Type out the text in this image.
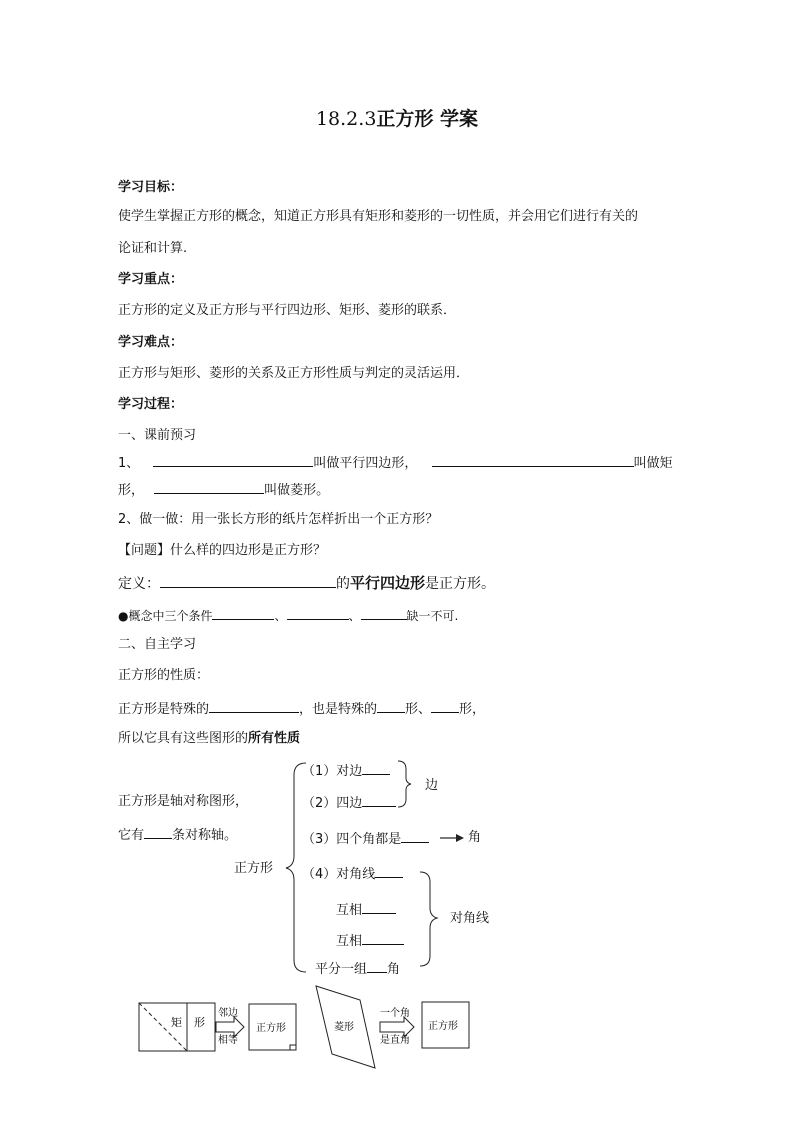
18.2.3正方形 学案
学习目标：
使学生掌握正方形的概念，知道正方形具有矩形和菱形的一切性质，并会用它们进行有关的
论证和计算.
学习重点：
正方形的定义及正方形与平行四边形、矩形、菱形的联系．
学习难点：
正方形与矩形、菱形的关系及正方形性质与判定的灵活运用．
学习过程：
一、课前预习
1、	叫做平行四边形，	叫做矩
形，	叫做菱形。
2、做一做：用一张长方形的纸片怎样折出一个正方形？
【问题】什么样的四边形是正方形？
定义：	的平行四边形是正方形。
●概念中三个条件	、	、	缺一不可.
二、自主学习
正方形的性质：
正方形是特殊的	，也是特殊的 形、 形，
所以它具有这些图形的所有性质
正方形是轴对称图形，
它有 条对称轴。
正方形
（1）对边
（2）四边
边
（3）四个角都是	角
（4）对角线
互相
互相
平分一组 角
对角线
矩 形
邻边
相等
正方形	菱形
一个角
是直角
正方形
